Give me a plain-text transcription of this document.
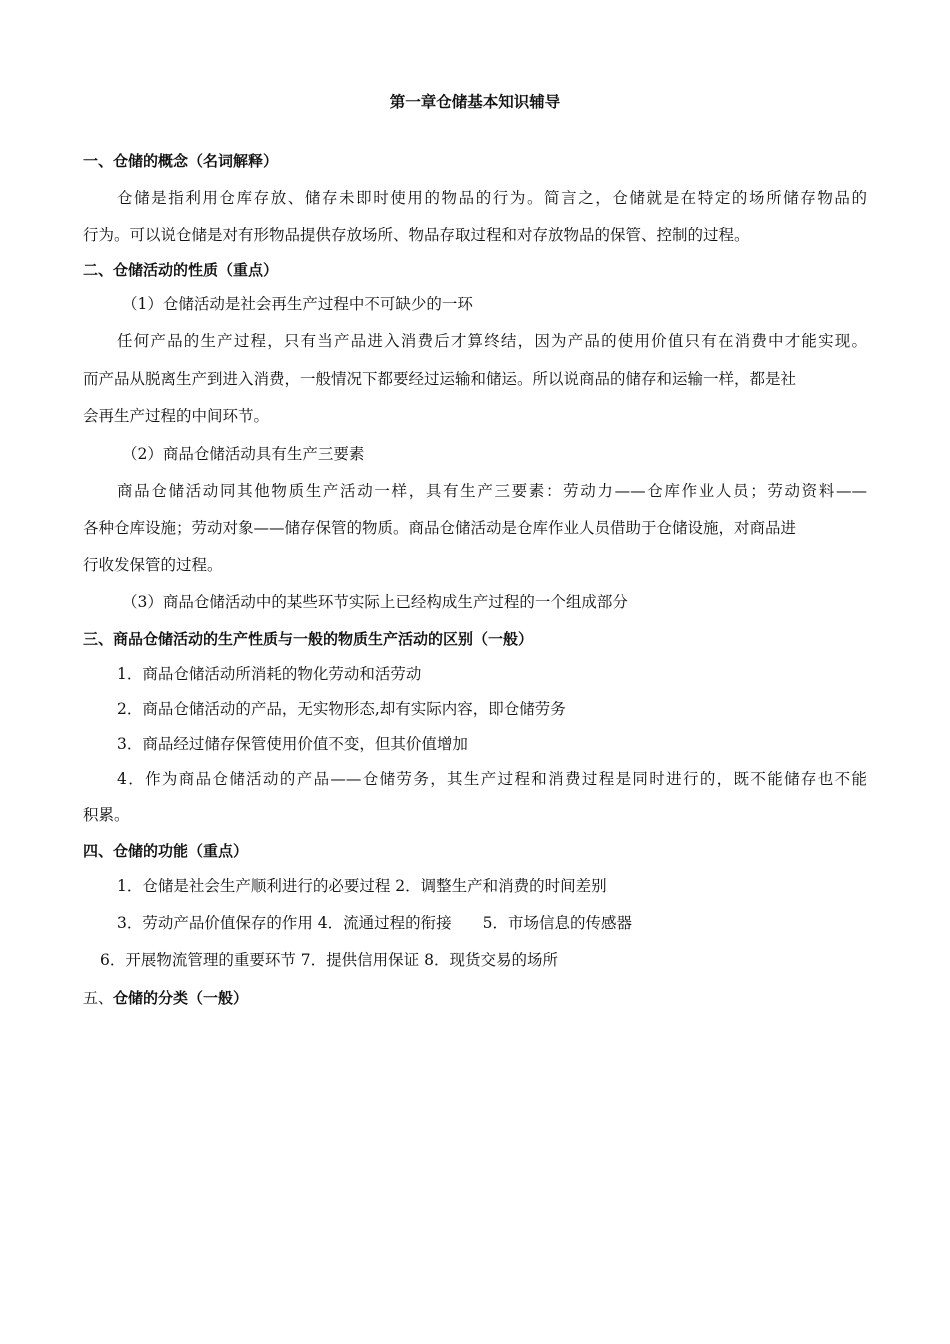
第一章仓储基本知识辅导
一、仓储的概念（名词解释）
仓储是指利用仓库存放、储存未即时使用的物品的行为。简言之，仓储就是在特定的场所储存物品的
行为。可以说仓储是对有形物品提供存放场所、物品存取过程和对存放物品的保管、控制的过程。
二、仓储活动的性质（重点）
（1）仓储活动是社会再生产过程中不可缺少的一环
任何产品的生产过程，只有当产品进入消费后才算终结，因为产品的使用价值只有在消费中才能实现。
而产品从脱离生产到进入消费，一般情况下都要经过运输和储运。所以说商品的储存和运输一样，都是社
会再生产过程的中间环节。
（2）商品仓储活动具有生产三要素
商品仓储活动同其他物质生产活动一样，具有生产三要素：劳动力——仓库作业人员；劳动资料——
各种仓库设施；劳动对象——储存保管的物质。商品仓储活动是仓库作业人员借助于仓储设施，对商品进
行收发保管的过程。
（3）商品仓储活动中的某些环节实际上已经构成生产过程的一个组成部分
三、商品仓储活动的生产性质与一般的物质生产活动的区别（一般）
1．商品仓储活动所消耗的物化劳动和活劳动
2．商品仓储活动的产品，无实物形态,却有实际内容，即仓储劳务
3．商品经过储存保管使用价值不变，但其价值增加
4．作为商品仓储活动的产品——仓储劳务，其生产过程和消费过程是同时进行的，既不能储存也不能
积累。
四、仓储的功能（重点）
1．仓储是社会生产顺利进行的必要过程 2．调整生产和消费的时间差别
3．劳动产品价值保存的作用 4．流通过程的衔接　　5．市场信息的传感器
6．开展物流管理的重要环节 7．提供信用保证 8．现货交易的场所
五、仓储的分类（一般）
